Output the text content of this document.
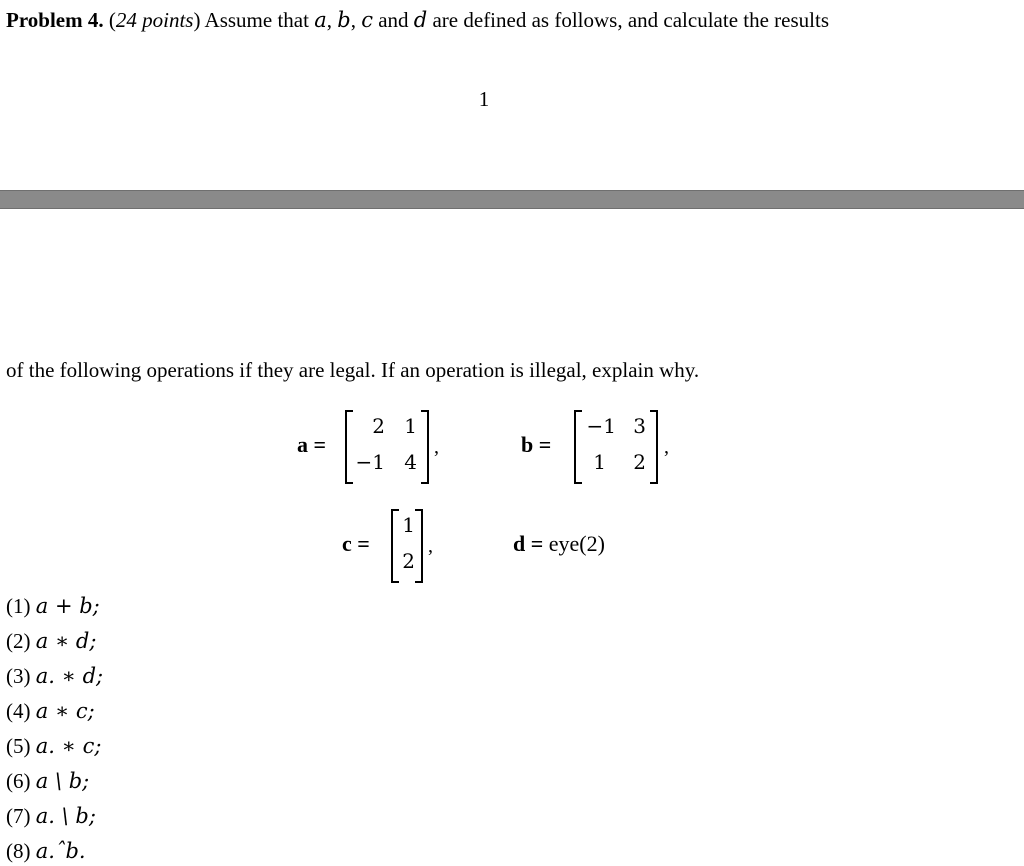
Problem 4. (24 points) Assume that a, b, c and d are defined as follows, and calculate the results
1
of the following operations if they are legal. If an operation is illegal, explain why.
a =
2 1
−1 4
,	b =
−1 3
1	2
,
c =
1
2
,	d = eye(2)
(1) a + b;
(2) a ∗ d;
(3) a. ∗ d;
(4) a ∗ c;
(5) a. ∗ c;
(6) a \ b;
(7) a. \ b;
(8) a.ˆb.
